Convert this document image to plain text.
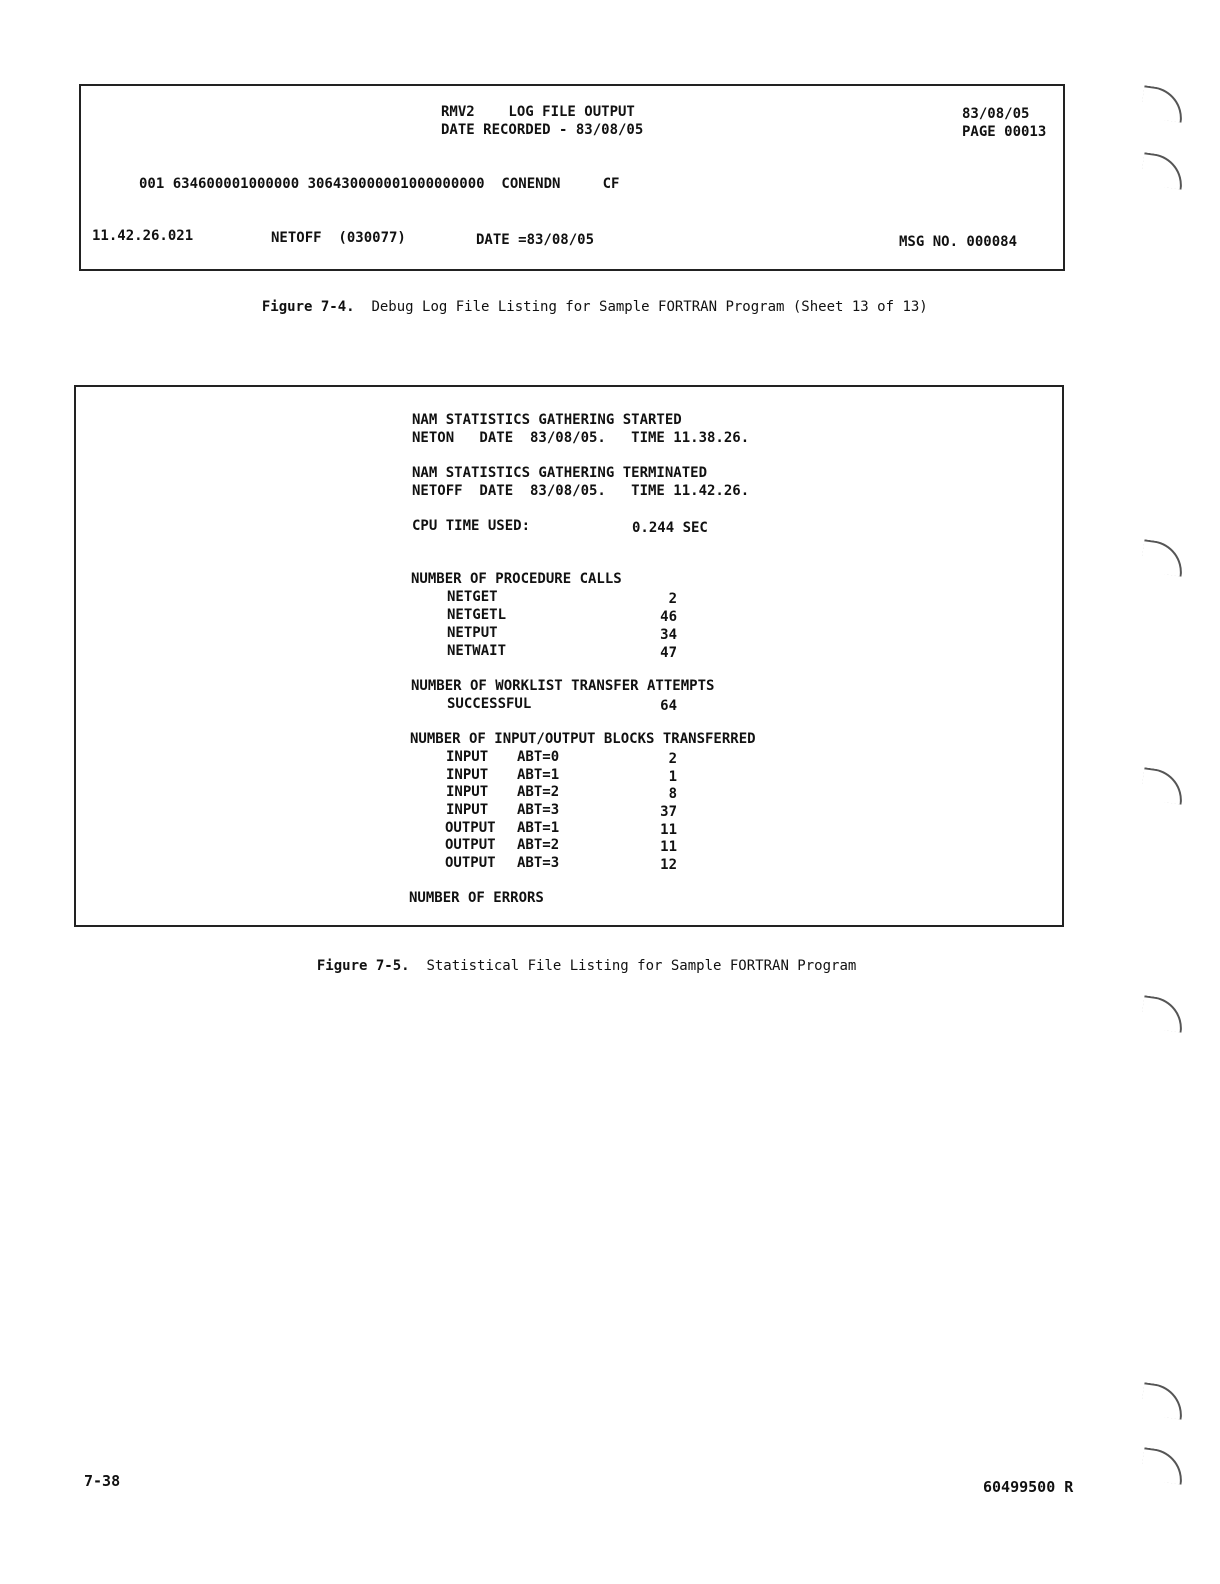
RMV2    LOG FILE OUTPUT
DATE RECORDED - 83/08/05
83/08/05
PAGE 00013
001 634600001000000 306430000001000000000  CONENDN     CF
11.42.26.021	NETOFF  (030077)	DATE =83/08/05	MSG NO. 000084

Figure 7-4. Debug Log File Listing for Sample FORTRAN Program (Sheet 13 of 13)

NAM STATISTICS GATHERING STARTED
NETON   DATE  83/08/05.   TIME 11.38.26.
NAM STATISTICS GATHERING TERMINATED
NETOFF  DATE  83/08/05.   TIME 11.42.26.
CPU TIME USED:	0.244 SEC
NUMBER OF PROCEDURE CALLS
NETGET	2
NETGETL	46
NETPUT	34
NETWAIT	47
NUMBER OF WORKLIST TRANSFER ATTEMPTS
SUCCESSFUL	64
NUMBER OF INPUT/OUTPUT BLOCKS TRANSFERRED
INPUT ABT=0	2
INPUT ABT=1	1
INPUT ABT=2	8
INPUT ABT=3	37
OUTPUT ABT=1	11
OUTPUT ABT=2	11
OUTPUT ABT=3	12
NUMBER OF ERRORS

Figure 7-5. Statistical File Listing for Sample FORTRAN Program

7-38	60499500 R
